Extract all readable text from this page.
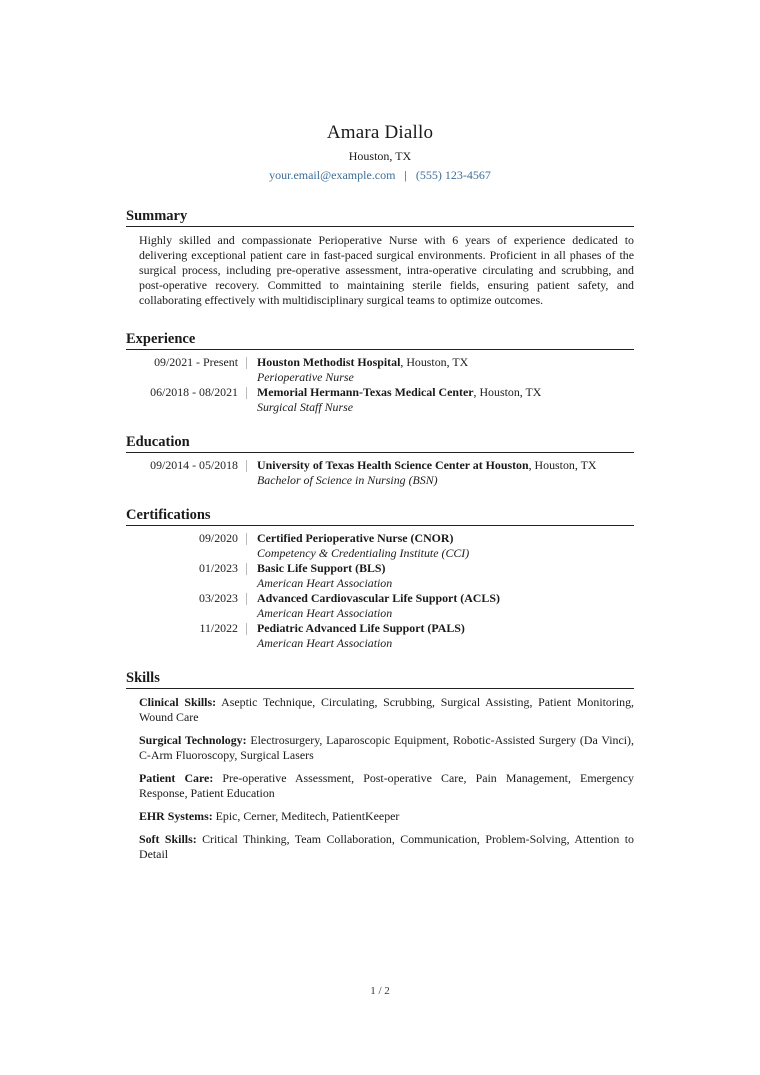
Amara Diallo
Houston, TX
your.email@example.com | (555) 123-4567
Summary
Highly skilled and compassionate Perioperative Nurse with 6 years of experience dedicated to delivering exceptional patient care in fast-paced surgical environments. Proficient in all phases of the surgical process, including pre-operative assessment, intra-operative circulating and scrubbing, and post-operative recovery. Committed to maintaining sterile fields, ensuring patient safety, and collaborating effectively with multidisciplinary surgical teams to optimize outcomes.
Experience
09/2021 - Present	Houston Methodist Hospital, Houston, TX
Perioperative Nurse
06/2018 - 08/2021	Memorial Hermann-Texas Medical Center, Houston, TX
Surgical Staff Nurse
Education
09/2014 - 05/2018	University of Texas Health Science Center at Houston, Houston, TX
Bachelor of Science in Nursing (BSN)
Certifications
09/2020	Certified Perioperative Nurse (CNOR)
Competency & Credentialing Institute (CCI)
01/2023	Basic Life Support (BLS)
American Heart Association
03/2023	Advanced Cardiovascular Life Support (ACLS)
American Heart Association
11/2022	Pediatric Advanced Life Support (PALS)
American Heart Association
Skills
Clinical Skills: Aseptic Technique, Circulating, Scrubbing, Surgical Assisting, Patient Monitoring, Wound Care
Surgical Technology: Electrosurgery, Laparoscopic Equipment, Robotic-Assisted Surgery (Da Vinci), C-Arm Fluoroscopy, Surgical Lasers
Patient Care: Pre-operative Assessment, Post-operative Care, Pain Management, Emergency Response, Patient Education
EHR Systems: Epic, Cerner, Meditech, PatientKeeper
Soft Skills: Critical Thinking, Team Collaboration, Communication, Problem-Solving, Attention to Detail
1 / 2
